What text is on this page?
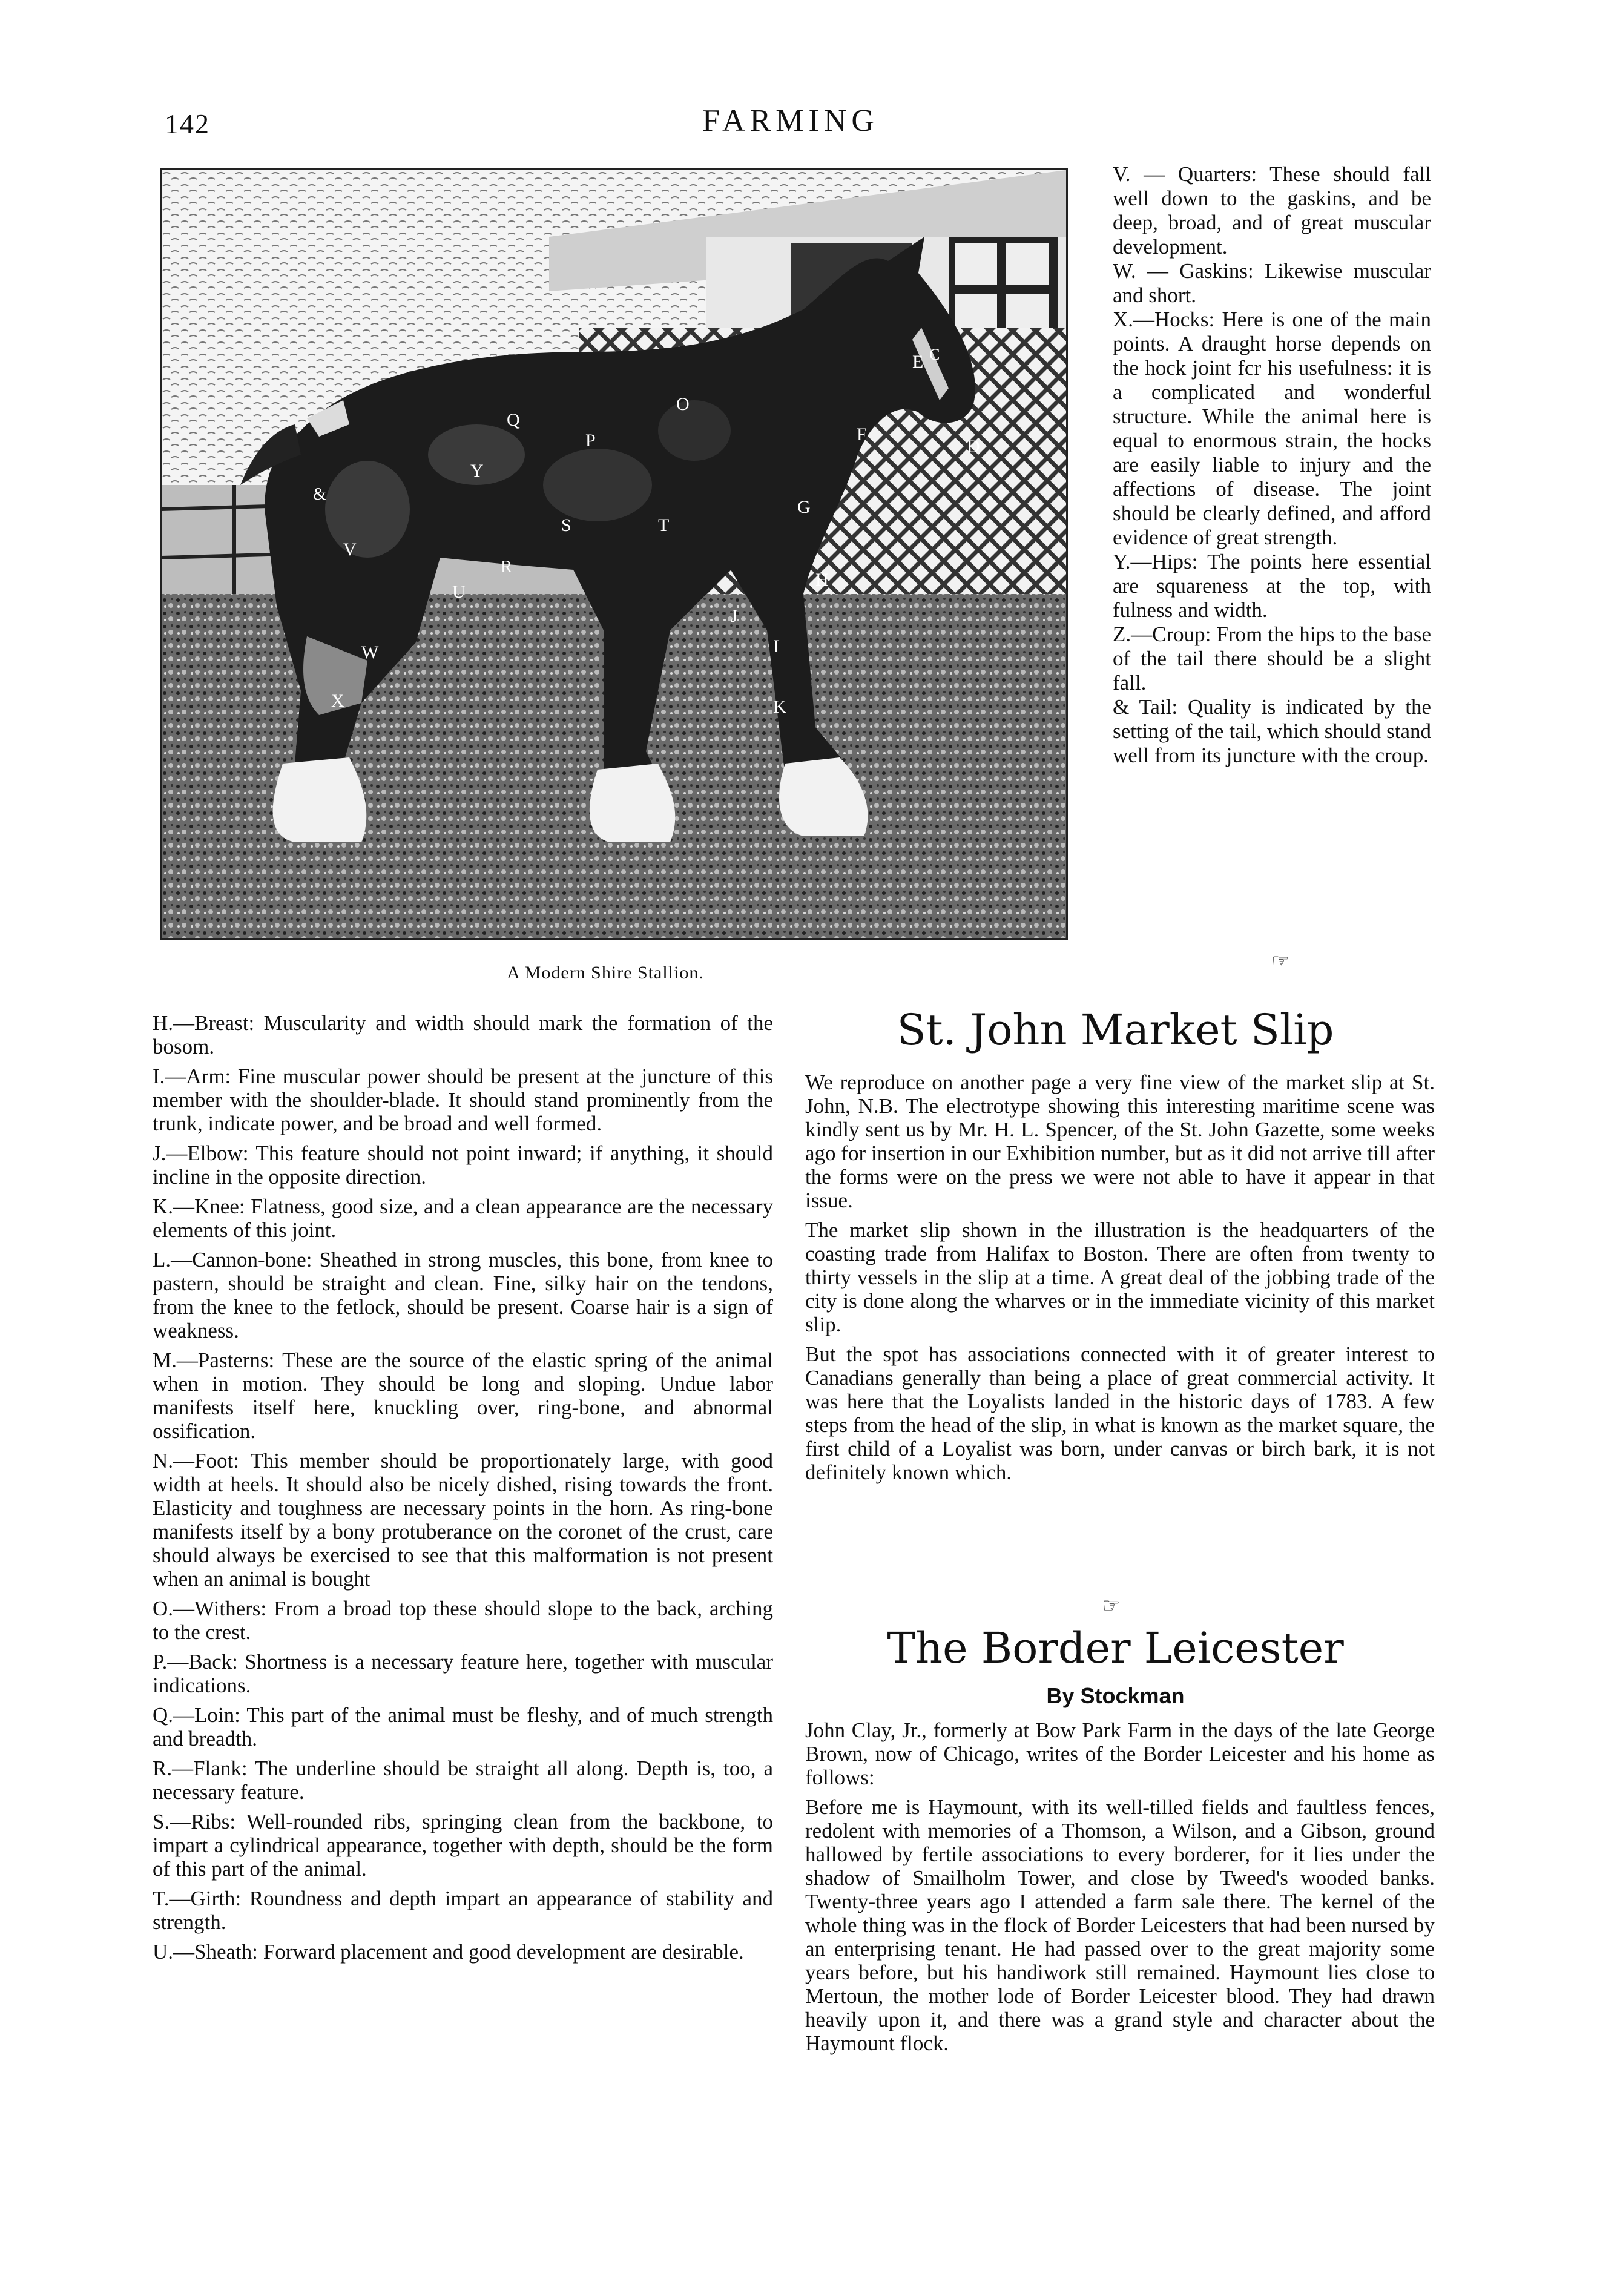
142	FARMING
Q
P
O
E
F
D
C
Y
S	T
G
H
V
U
J
I
W
X	K
&
R
A Modern Shire Stallion.

V. — Quarters: These should fall well down to the gaskins, and be deep, broad, and of great muscular development.

W. — Gaskins: Likewise muscular and short.

X.—Hocks: Here is one of the main points. A draught horse depends on the hock joint fcr his usefulness: it is a complicated and wonderful structure. While the animal here is equal to enormous strain, the hocks are easily liable to injury and the affections of disease. The joint should be clearly defined, and afford evidence of great strength.

Y.—Hips: The points here essential are squareness at the top, with fulness and width.

Z.—Croup: From the hips to the base of the tail there should be a slight fall.

& Tail: Quality is indicated by the setting of the tail, which should stand well from its juncture with the croup.

☞

H.—Breast: Muscularity and width should mark the formation of the bosom.

I.—Arm: Fine muscular power should be present at the juncture of this member with the shoulder-blade. It should stand prominently from the trunk, indicate power, and be broad and well formed.

J.—Elbow: This feature should not point inward; if anything, it should incline in the opposite direction.

K.—Knee: Flatness, good size, and a clean appearance are the necessary elements of this joint.

L.—Cannon-bone: Sheathed in strong muscles, this bone, from knee to pastern, should be straight and clean. Fine, silky hair on the tendons, from the knee to the fetlock, should be present. Coarse hair is a sign of weakness.

M.—Pasterns: These are the source of the elastic spring of the animal when in motion. They should be long and sloping. Undue labor manifests itself here, knuckling over, ring-bone, and abnormal ossification.

N.—Foot: This member should be proportionately large, with good width at heels. It should also be nicely dished, rising towards the front. Elasticity and toughness are necessary points in the horn. As ring-bone manifests itself by a bony protuberance on the coronet of the crust, care should always be exercised to see that this malformation is not present when an animal is bought

O.—Withers: From a broad top these should slope to the back, arching to the crest.

P.—Back: Shortness is a necessary feature here, together with muscular indications.

Q.—Loin: This part of the animal must be fleshy, and of much strength and breadth.

R.—Flank: The underline should be straight all along. Depth is, too, a necessary feature.

S.—Ribs: Well-rounded ribs, springing clean from the backbone, to impart a cylindrical appearance, together with depth, should be the form of this part of the animal.

T.—Girth: Roundness and depth impart an appearance of stability and strength.

U.—Sheath: Forward placement and good development are desirable.

St. John Market Slip

We reproduce on another page a very fine view of the market slip at St. John, N.B. The electrotype showing this interesting maritime scene was kindly sent us by Mr. H. L. Spencer, of the St. John Gazette, some weeks ago for insertion in our Exhibition number, but as it did not arrive till after the forms were on the press we were not able to have it appear in that issue.

The market slip shown in the illustration is the headquarters of the coasting trade from Halifax to Boston. There are often from twenty to thirty vessels in the slip at a time. A great deal of the jobbing trade of the city is done along the wharves or in the immediate vicinity of this market slip.

But the spot has associations connected with it of greater interest to Canadians generally than being a place of great commercial activity. It was here that the Loyalists landed in the historic days of 1783. A few steps from the head of the slip, in what is known as the market square, the first child of a Loyalist was born, under canvas or birch bark, it is not definitely known which.

☞
The Border Leicester
By Stockman

John Clay, Jr., formerly at Bow Park Farm in the days of the late George Brown, now of Chicago, writes of the Border Leicester and his home as follows:

Before me is Haymount, with its well-tilled fields and faultless fences, redolent with memories of a Thomson, a Wilson, and a Gibson, ground hallowed by fertile associations to every borderer, for it lies under the shadow of Smailholm Tower, and close by Tweed's wooded banks. Twenty-three years ago I attended a farm sale there. The kernel of the whole thing was in the flock of Border Leicesters that had been nursed by an enterprising tenant. He had passed over to the great majority some years before, but his handiwork still remained. Haymount lies close to Mertoun, the mother lode of Border Leicester blood. They had drawn heavily upon it, and there was a grand style and character about the Haymount flock.
